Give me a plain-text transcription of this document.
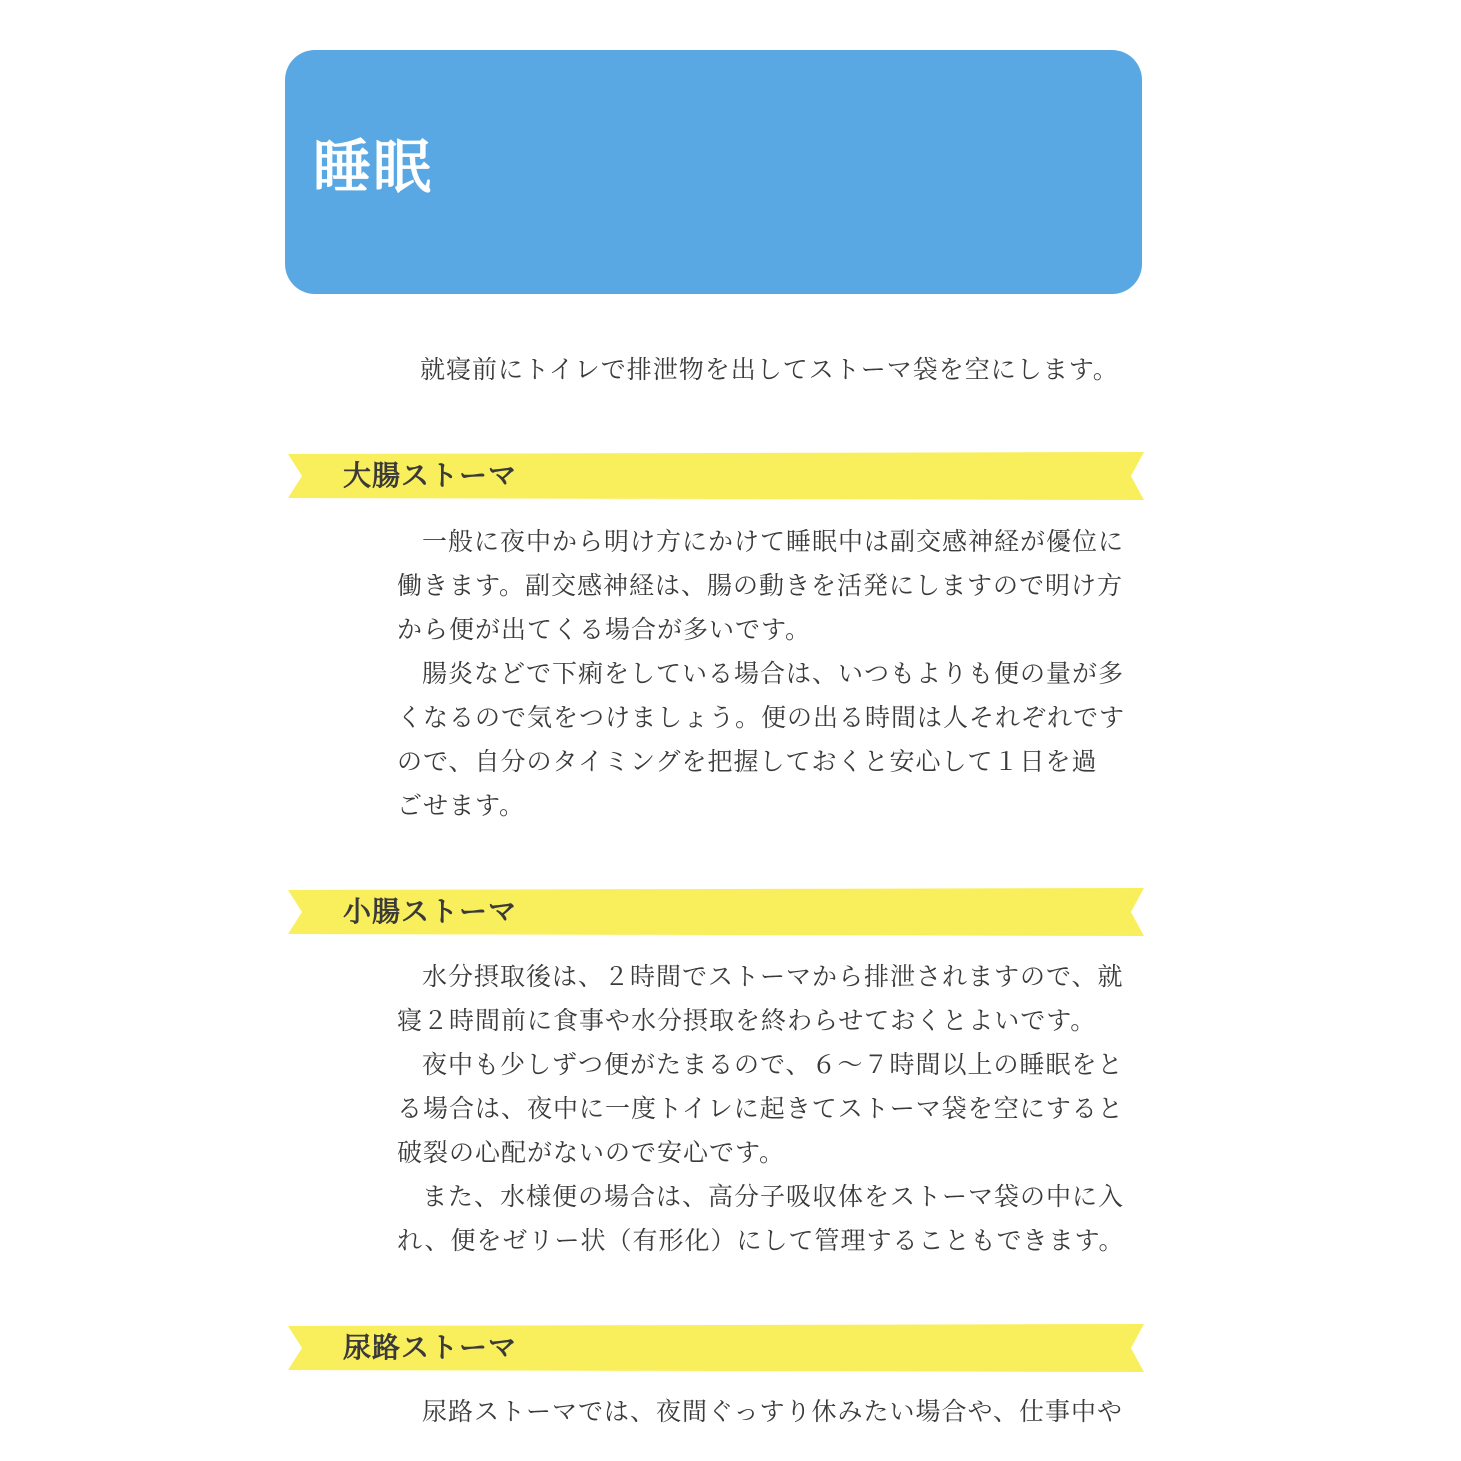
睡眠
就寝前にトイレで排泄物を出してストーマ袋を空にします。
大腸ストーマ
一般に夜中から明け方にかけて睡眠中は副交感神経が優位に
働きます。副交感神経は、腸の動きを活発にしますので明け方
から便が出てくる場合が多いです。
腸炎などで下痢をしている場合は、いつもよりも便の量が多
くなるので気をつけましょう。便の出る時間は人それぞれです
ので、自分のタイミングを把握しておくと安心して１日を過
ごせます。
小腸ストーマ
水分摂取後は、２時間でストーマから排泄されますので、就
寝２時間前に食事や水分摂取を終わらせておくとよいです。
夜中も少しずつ便がたまるので、６～７時間以上の睡眠をと
る場合は、夜中に一度トイレに起きてストーマ袋を空にすると
破裂の心配がないので安心です。
また、水様便の場合は、高分子吸収体をストーマ袋の中に入
れ、便をゼリー状（有形化）にして管理することもできます。
尿路ストーマ
尿路ストーマでは、夜間ぐっすり休みたい場合や、仕事中や
